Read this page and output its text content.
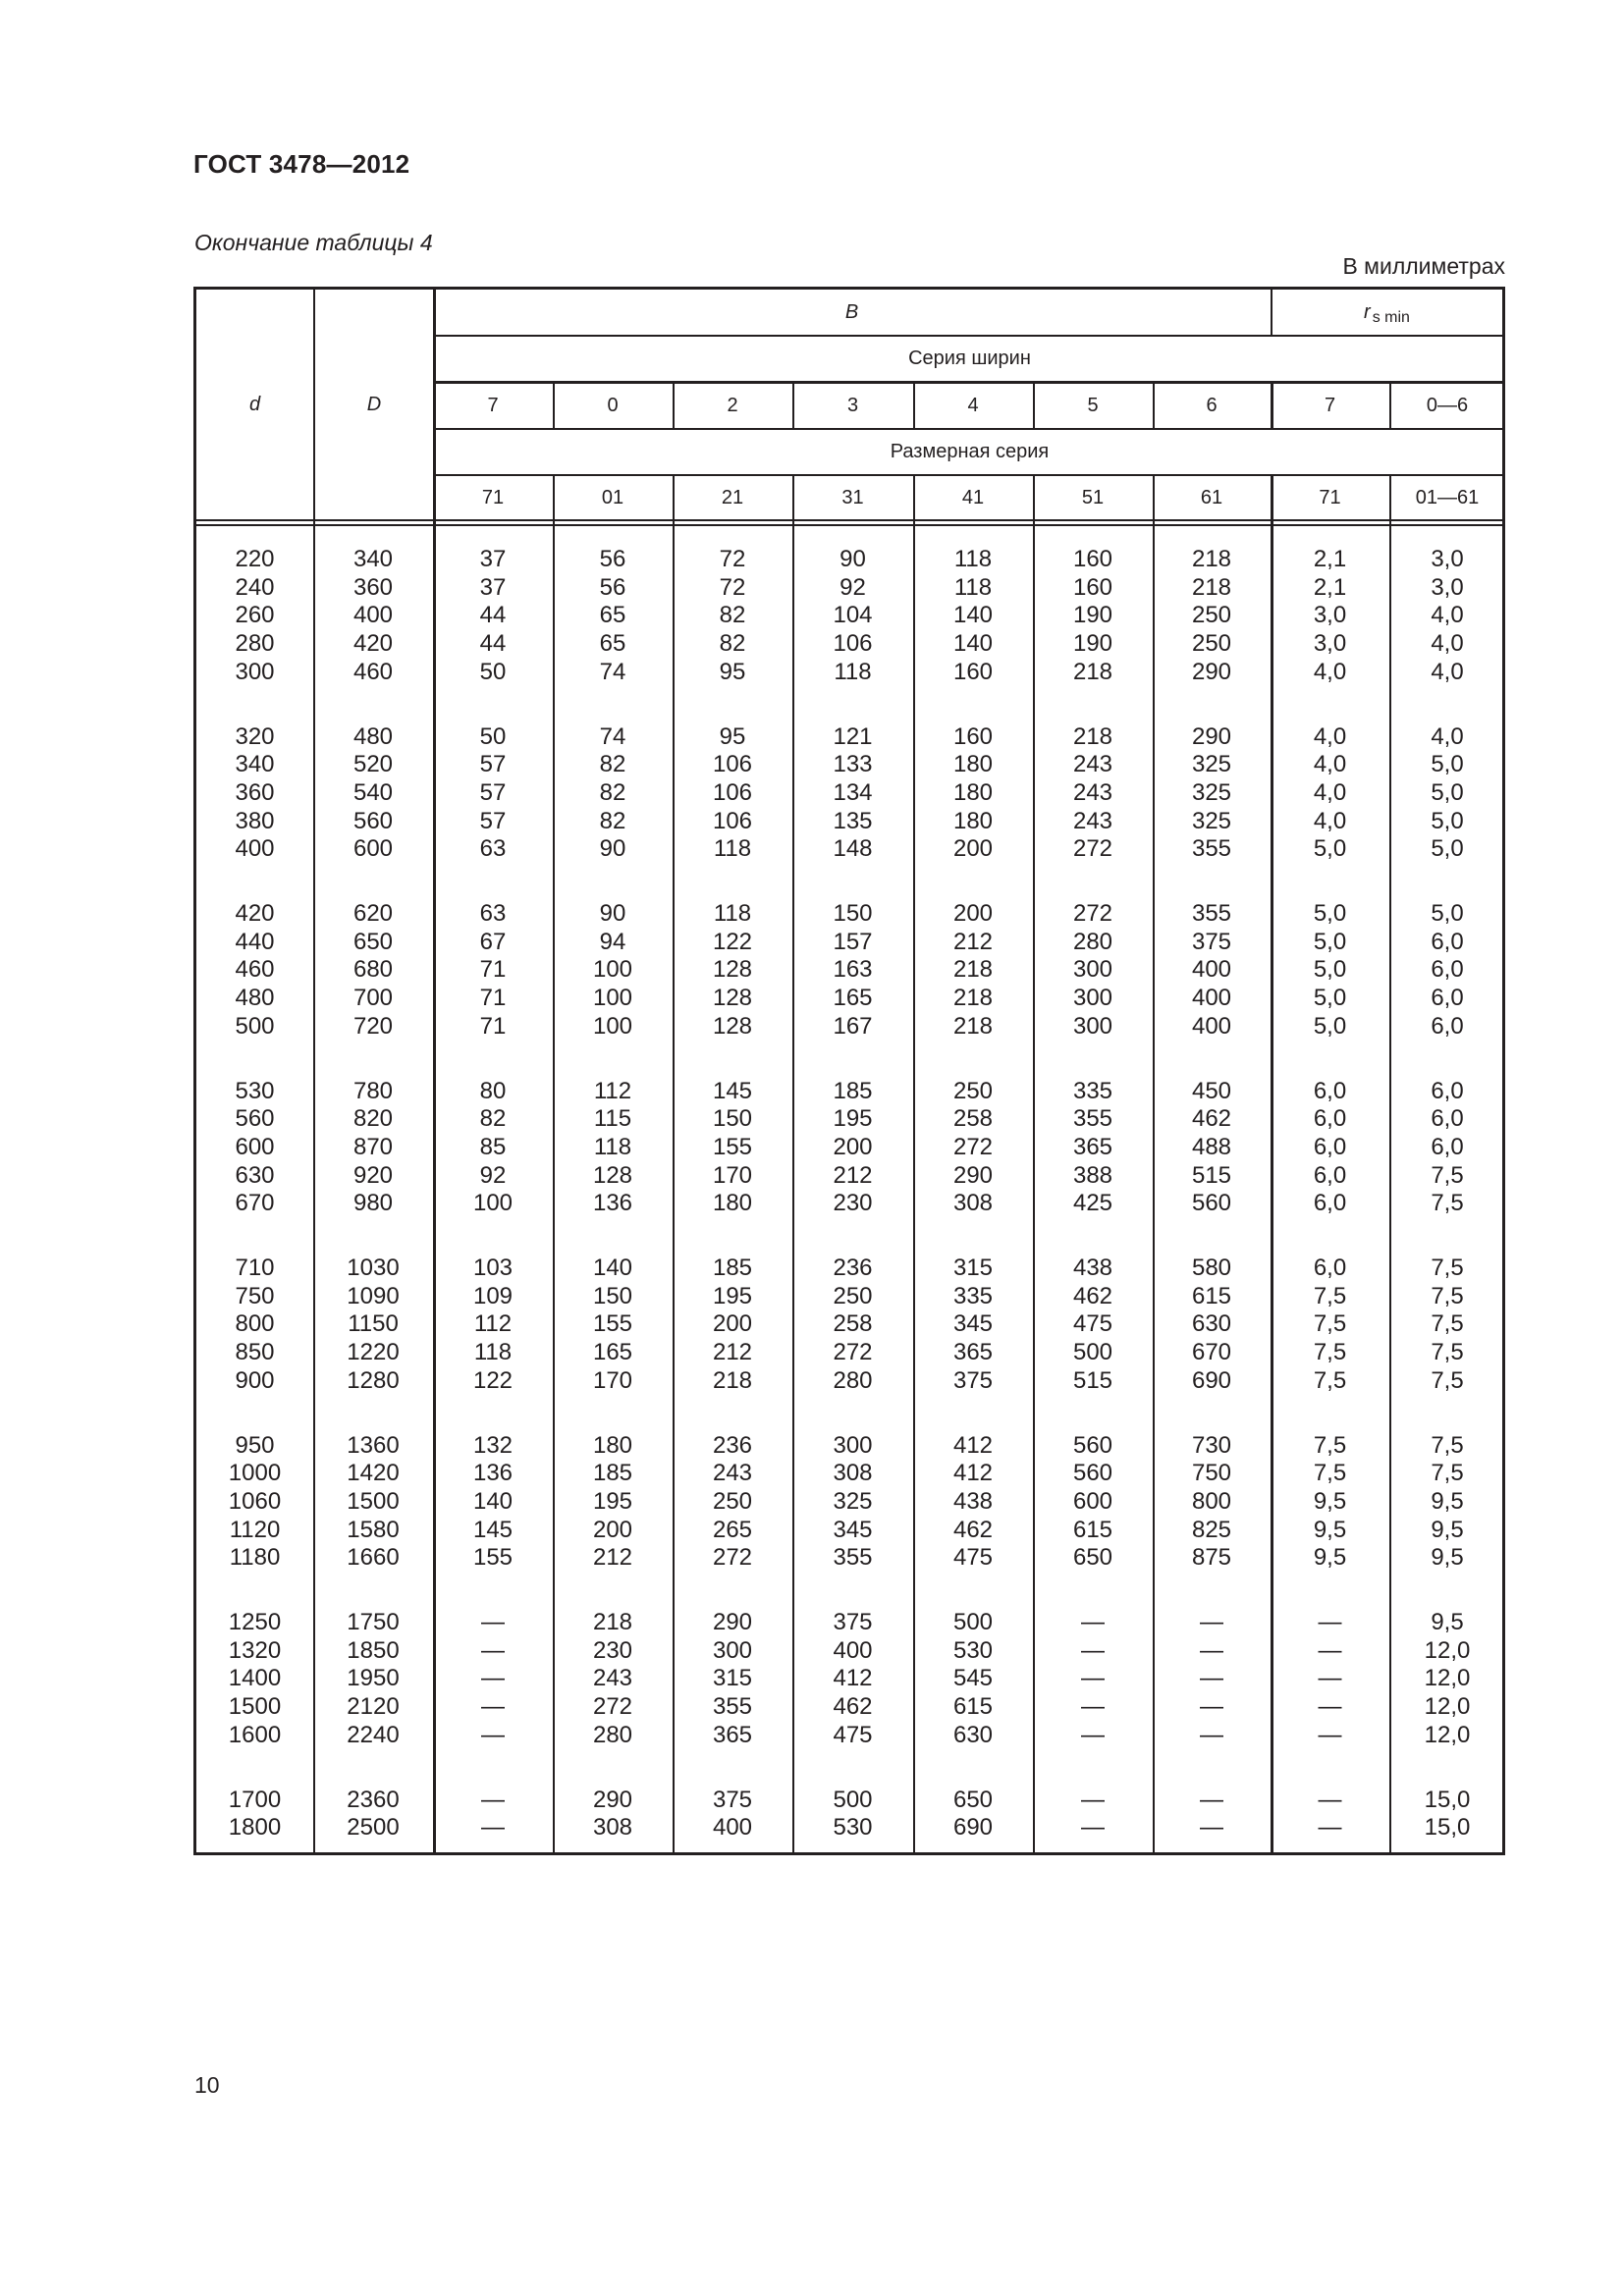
ГОСТ 3478—2012
Окончание таблицы 4
В миллиметрах
d	D
B	r s min
Серия ширин
7	0	2	3	4	5	6	7	0—6
Размерная серия
71	01	21	31	41	51	61	71	01—61
220	340	37	56	72	90	118	160	218	2,1	3,0
240	360	37	56	72	92	118	160	218	2,1	3,0
260	400	44	65	82	104	140	190	250	3,0	4,0
280	420	44	65	82	106	140	190	250	3,0	4,0
300	460	50	74	95	118	160	218	290	4,0	4,0
320	480	50	74	95	121	160	218	290	4,0	4,0
340	520	57	82	106	133	180	243	325	4,0	5,0
360	540	57	82	106	134	180	243	325	4,0	5,0
380	560	57	82	106	135	180	243	325	4,0	5,0
400	600	63	90	118	148	200	272	355	5,0	5,0
420	620	63	90	118	150	200	272	355	5,0	5,0
440	650	67	94	122	157	212	280	375	5,0	6,0
460	680	71	100	128	163	218	300	400	5,0	6,0
480	700	71	100	128	165	218	300	400	5,0	6,0
500	720	71	100	128	167	218	300	400	5,0	6,0
530	780	80	112	145	185	250	335	450	6,0	6,0
560	820	82	115	150	195	258	355	462	6,0	6,0
600	870	85	118	155	200	272	365	488	6,0	6,0
630	920	92	128	170	212	290	388	515	6,0	7,5
670	980	100	136	180	230	308	425	560	6,0	7,5
710	1030	103	140	185	236	315	438	580	6,0	7,5
750	1090	109	150	195	250	335	462	615	7,5	7,5
800	1150	112	155	200	258	345	475	630	7,5	7,5
850	1220	118	165	212	272	365	500	670	7,5	7,5
900	1280	122	170	218	280	375	515	690	7,5	7,5
950	1360	132	180	236	300	412	560	730	7,5	7,5
1000	1420	136	185	243	308	412	560	750	7,5	7,5
1060	1500	140	195	250	325	438	600	800	9,5	9,5
1120	1580	145	200	265	345	462	615	825	9,5	9,5
1180	1660	155	212	272	355	475	650	875	9,5	9,5
1250	1750	—	218	290	375	500	—	—	—	9,5
1320	1850	—	230	300	400	530	—	—	—	12,0
1400	1950	—	243	315	412	545	—	—	—	12,0
1500	2120	—	272	355	462	615	—	—	—	12,0
1600	2240	—	280	365	475	630	—	—	—	12,0
1700	2360	—	290	375	500	650	—	—	—	15,0
1800	2500	—	308	400	530	690	—	—	—	15,0
10
